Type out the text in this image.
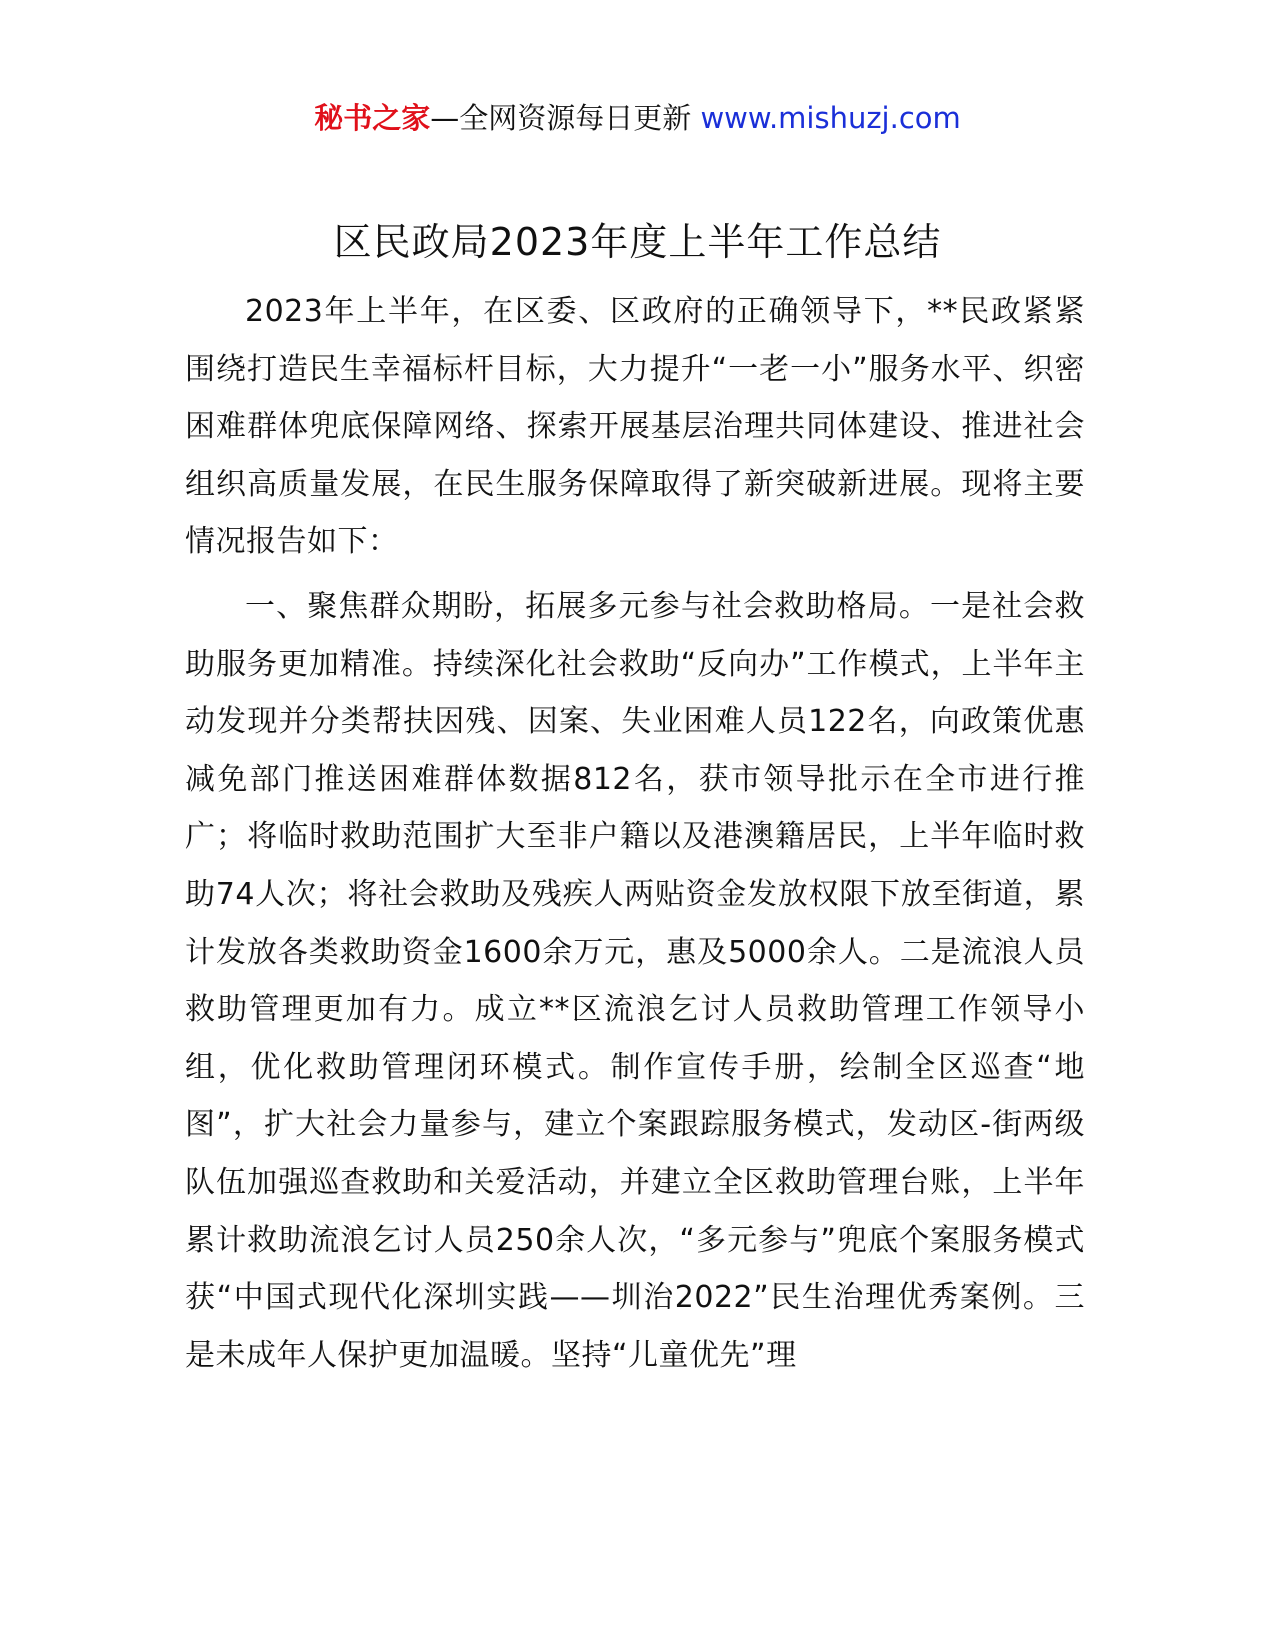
秘书之家—全网资源每日更新 www.mishuzj.com
区民政局2023年度上半年工作总结

2023年上半年，在区委、区政府的正确领导下，**民政紧紧围绕打造民生幸福标杆目标，大力提升“一老一小”服务水平、织密困难群体兜底保障网络、探索开展基层治理共同体建设、推进社会组织高质量发展，在民生服务保障取得了新突破新进展。现将主要情况报告如下：

一、聚焦群众期盼，拓展多元参与社会救助格局。一是社会救助服务更加精准。持续深化社会救助“反向办”工作模式，上半年主动发现并分类帮扶因残、因案、失业困难人员122名，向政策优惠减免部门推送困难群体数据812名，获市领导批示在全市进行推广；将临时救助范围扩大至非户籍以及港澳籍居民，上半年临时救助74人次；将社会救助及残疾人两贴资金发放权限下放至街道，累计发放各类救助资金1600余万元，惠及5000余人。二是流浪人员救助管理更加有力。成立**区流浪乞讨人员救助管理工作领导小组，优化救助管理闭环模式。制作宣传手册，绘制全区巡查“地图”，扩大社会力量参与，建立个案跟踪服务模式，发动区-街两级队伍加强巡查救助和关爱活动，并建立全区救助管理台账，上半年累计救助流浪乞讨人员250余人次，“多元参与”兜底个案服务模式获“中国式现代化深圳实践——圳治2022”民生治理优秀案例。三是未成年人保护更加温暖。坚持“儿童优先”理
